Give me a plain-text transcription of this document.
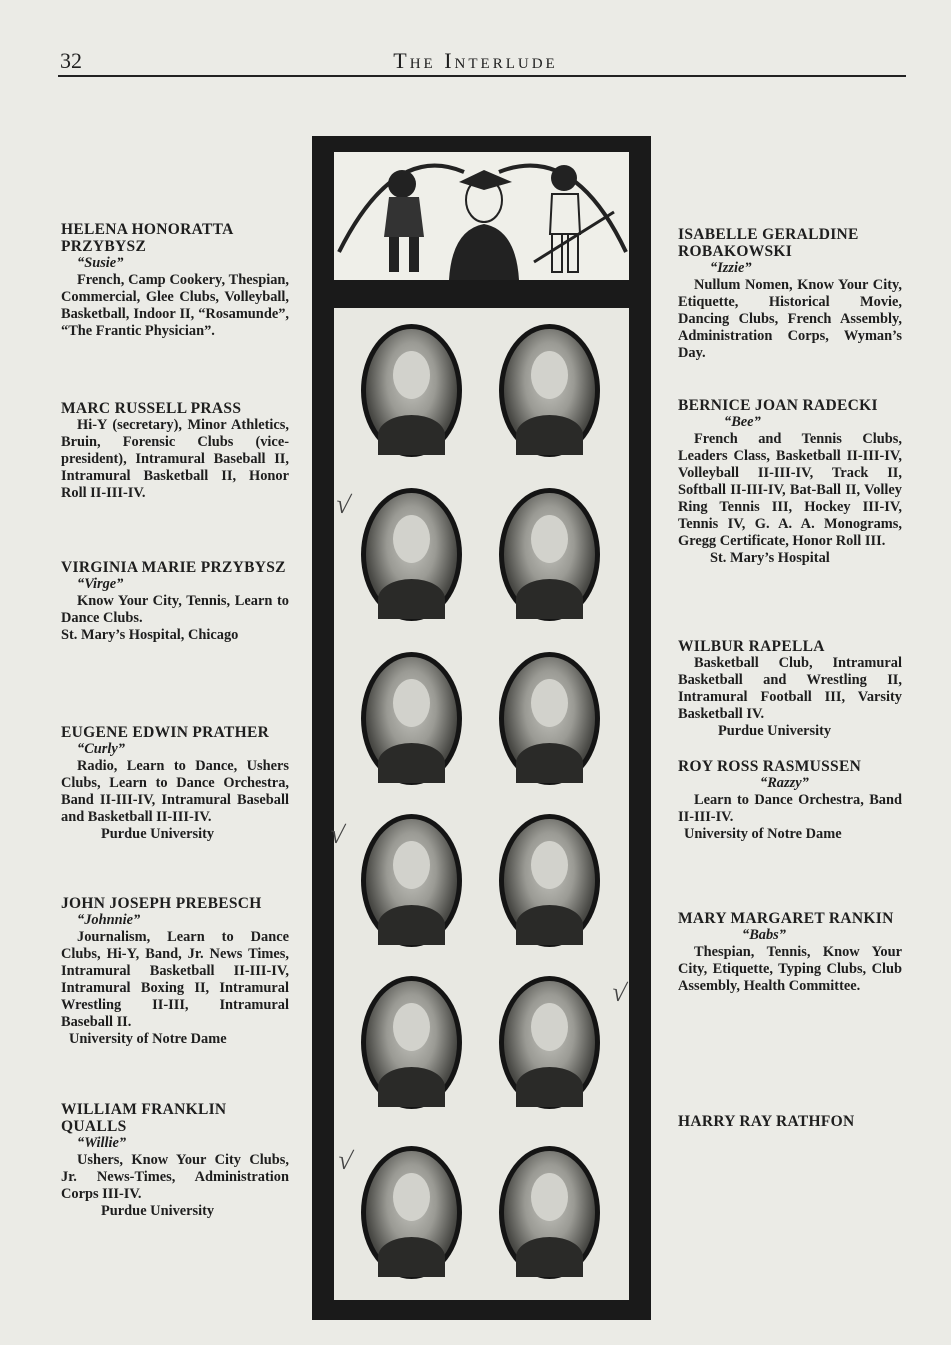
32	The Interlude
HELENA HONORATTA PRZYBYSZ
“Susie”
French, Camp Cookery, Thespian, Commercial, Glee Clubs, Volleyball, Basketball, Indoor II, “Rosamunde”, “The Frantic Physician”.
MARC RUSSELL PRASS
Hi-Y (secretary), Minor Athletics, Bruin, Forensic Clubs (vice-president), Intramural Baseball II, Intramural Basketball II, Honor Roll II-III-IV.
VIRGINIA MARIE PRZYBYSZ
“Virge”
Know Your City, Tennis, Learn to Dance Clubs.
St. Mary’s Hospital, Chicago
EUGENE EDWIN PRATHER
“Curly”
Radio, Learn to Dance, Ushers Clubs, Learn to Dance Orchestra, Band II-III-IV, Intramural Baseball and Basketball II-III-IV.
Purdue University
JOHN JOSEPH PREBESCH
“Johnnie”
Journalism, Learn to Dance Clubs, Hi-Y, Band, Jr. News Times, Intramural Basketball II-III-IV, Intramural Boxing II, Intramural Wrestling II-III, Intramural Baseball II.
University of Notre Dame
WILLIAM FRANKLIN QUALLS
“Willie”
Ushers, Know Your City Clubs, Jr. News-Times, Administration Corps III-IV.
Purdue University
√
√
√
√
ISABELLE GERALDINE ROBAKOWSKI
“Izzie”
Nullum Nomen, Know Your City, Etiquette, Historical Movie, Dancing Clubs, French Assembly, Administration Corps, Wyman’s Day.
BERNICE JOAN RADECKI
“Bee”
French and Tennis Clubs, Leaders Class, Basketball II-III-IV, Volleyball II-III-IV, Track II, Softball II-III-IV, Bat-Ball II, Volley Ring Tennis III, Hockey III-IV, Tennis IV, G. A. A. Monograms, Gregg Certificate, Honor Roll III.
St. Mary’s Hospital
WILBUR RAPELLA
Basketball Club, Intramural Basketball and Wrestling II, Intramural Football III, Varsity Basketball IV.
Purdue University
ROY ROSS RASMUSSEN
“Razzy”
Learn to Dance Orchestra, Band II-III-IV.
University of Notre Dame
MARY MARGARET RANKIN
“Babs”
Thespian, Tennis, Know Your City, Etiquette, Typing Clubs, Club Assembly, Health Committee.
HARRY RAY RATHFON
